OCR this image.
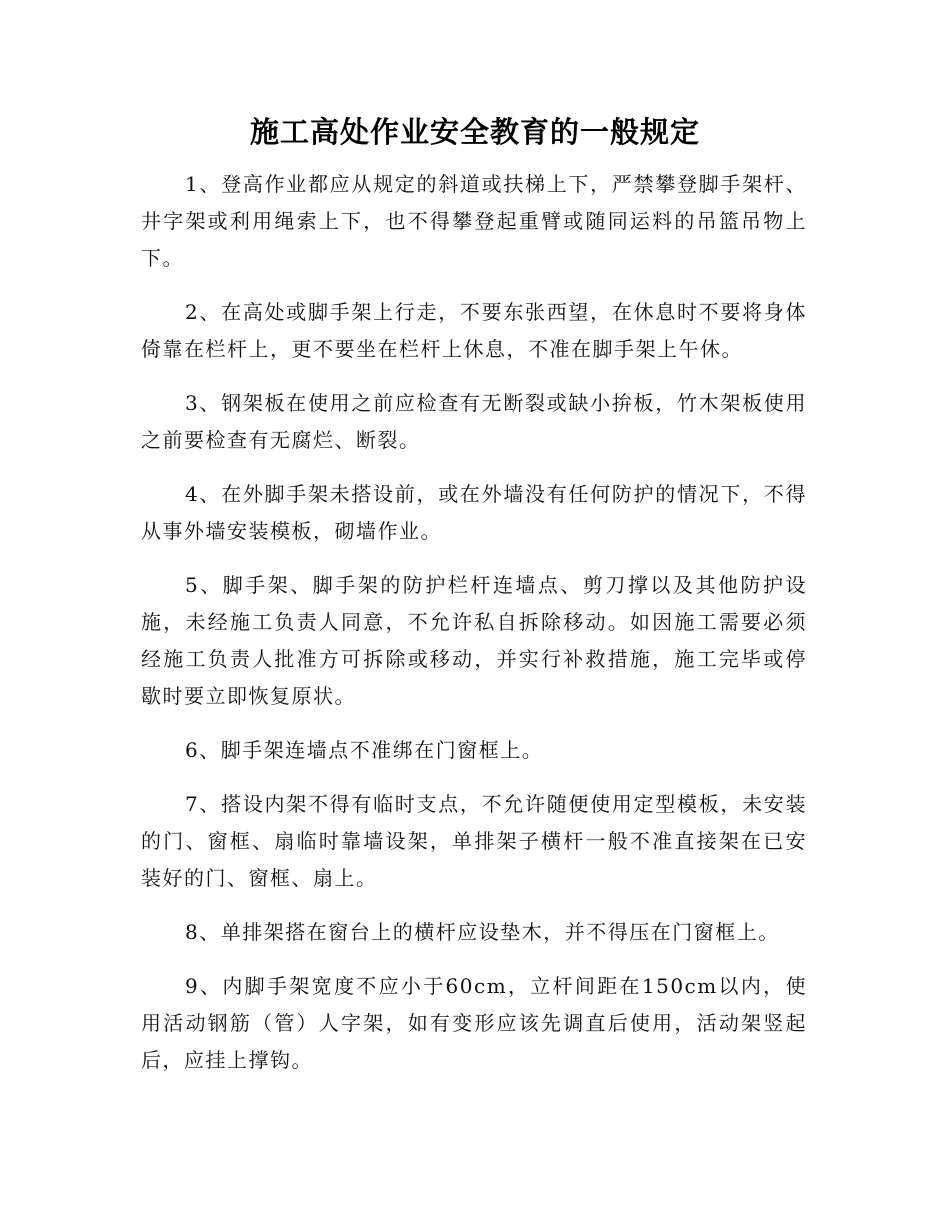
施工高处作业安全教育的一般规定

1、登高作业都应从规定的斜道或扶梯上下，严禁攀登脚手架杆、井字架或利用绳索上下，也不得攀登起重臂或随同运料的吊篮吊物上下。

2、在高处或脚手架上行走，不要东张西望，在休息时不要将身体倚靠在栏杆上，更不要坐在栏杆上休息，不准在脚手架上午休。

3、钢架板在使用之前应检查有无断裂或缺小拚板，竹木架板使用之前要检查有无腐烂、断裂。

4、在外脚手架未搭设前，或在外墙没有任何防护的情况下，不得从事外墙安装模板，砌墙作业。

5、脚手架、脚手架的防护栏杆连墙点、剪刀撑以及其他防护设施，未经施工负责人同意，不允许私自拆除移动。如因施工需要必须经施工负责人批准方可拆除或移动，并实行补救措施，施工完毕或停歇时要立即恢复原状。

6、脚手架连墙点不准绑在门窗框上。

7、搭设内架不得有临时支点，不允许随便使用定型模板，未安装的门、窗框、扇临时靠墙设架，单排架子横杆一般不准直接架在已安装好的门、窗框、扇上。

8、单排架搭在窗台上的横杆应设垫木，并不得压在门窗框上。

9、内脚手架宽度不应小于60cm，立杆间距在150cm以内，使用活动钢筋（管）人字架，如有变形应该先调直后使用，活动架竖起后，应挂上撑钩。
